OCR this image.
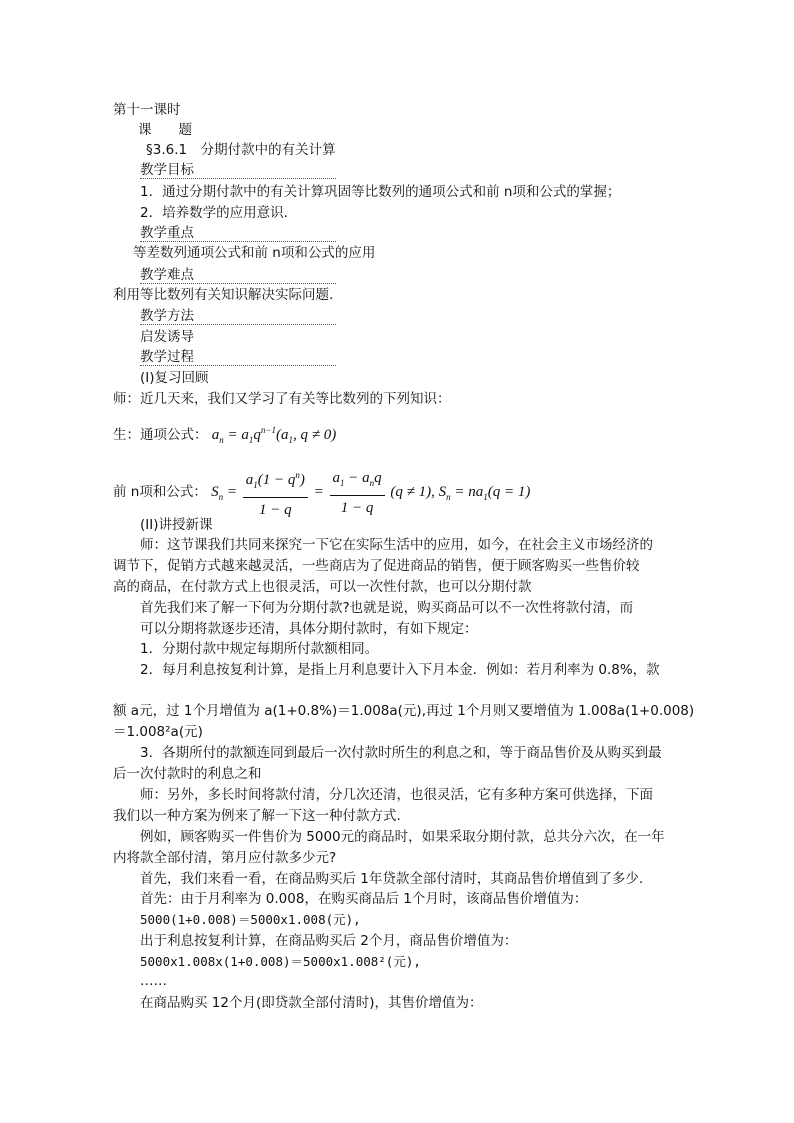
第十一课时
课　　题
§3.6.1　分期付款中的有关计算
教学目标
1．通过分期付款中的有关计算巩固等比数列的通项公式和前 n项和公式的掌握；
2．培养数学的应用意识.
教学重点
等差数列通项公式和前 n项和公式的应用
教学难点
利用等比数列有关知识解决实际问题.
教学方法
启发诱导
教学过程
(I)复习回顾
师：近几天来，我们又学习了有关等比数列的下列知识：
生：通项公式： $a_n = a_1q^{n-1}(a_1$, q ≠ 0)
前 n项和公式： $S_n = \frac{a_1(1 - q^n)}{1 - q} = \frac{a_1 - a_nq}{1 - q} (q \ne 1)$, $S_n = na_1(q = 1)$
(II)讲授新课
师：这节课我们共同来探究一下它在实际生活中的应用，如今，在社会主义市场经济的
调节下，促销方式越来越灵活，一些商店为了促进商品的销售，便于顾客购买一些售价较
高的商品，在付款方式上也很灵活，可以一次性付款，也可以分期付款
首先我们来了解一下何为分期付款?也就是说，购买商品可以不一次性将款付清，而
可以分期将款逐步还清，具体分期付款时，有如下规定：
1．分期付款中规定每期所付款额相同。
2．每月利息按复利计算，是指上月利息要计入下月本金．例如：若月利率为 0.8%，款
额 a元，过 1个月增值为 a(1+0.8%)＝1.008a(元),再过 1个月则又要增值为 1.008a(1+0.008)
＝1.008²a(元)
3．各期所付的款额连同到最后一次付款时所生的利息之和，等于商品售价及从购买到最
后一次付款时的利息之和
师：另外，多长时间将款付清，分几次还清，也很灵活，它有多种方案可供选择，下面
我们以一种方案为例来了解一下这一种付款方式.
例如，顾客购买一件售价为 5000元的商品时，如果采取分期付款，总共分六次，在一年
内将款全部付清，第月应付款多少元?
首先，我们来看一看，在商品购买后 1年贷款全部付清时，其商品售价增值到了多少.
首先：由于月利率为 0.008，在购买商品后 1个月时，该商品售价增值为：
5000(1+0.008)＝5000x1.008(元),
出于利息按复利计算，在商品购买后 2个月，商品售价增值为：
5000x1.008x(1+0.008)＝5000x1.008²(元),
……
在商品购买 12个月(即贷款全部付清时)，其售价增值为：
